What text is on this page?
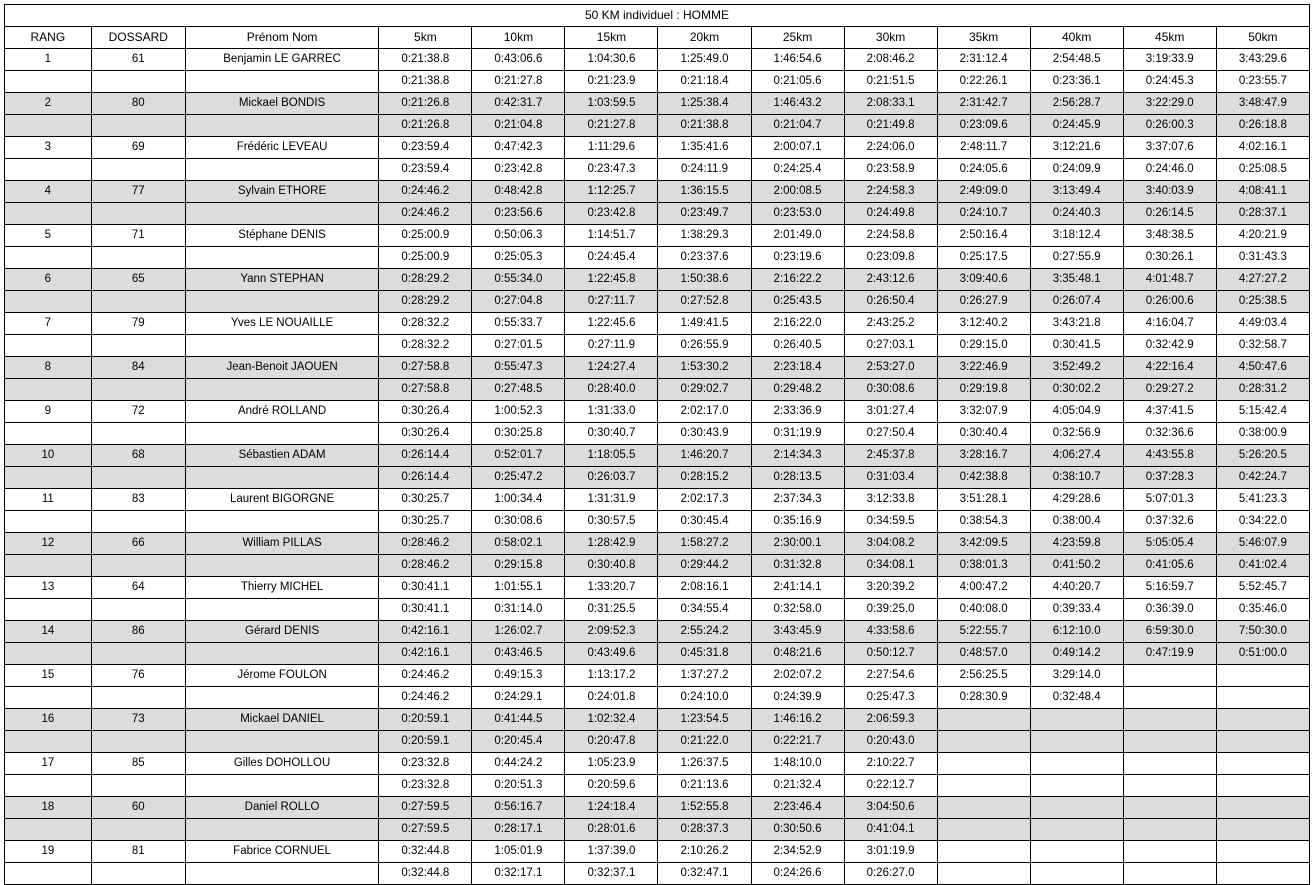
50 KM individuel : HOMME												
RANG	DOSSARD	Prénom Nom	5km	10km	15km	20km	25km	30km	35km	40km	45km	50km
1	61	Benjamin LE GARREC	0:21:38.8	0:43:06.6	1:04:30.6	1:25:49.0	1:46:54.6	2:08:46.2	2:31:12.4	2:54:48.5	3:19:33.9	3:43:29.6
			0:21:38.8	0:21:27.8	0:21:23.9	0:21:18.4	0:21:05.6	0:21:51.5	0:22:26.1	0:23:36.1	0:24:45.3	0:23:55.7
2	80	Mickael BONDIS	0:21:26.8	0:42:31.7	1:03:59.5	1:25:38.4	1:46:43.2	2:08:33.1	2:31:42.7	2:56:28.7	3:22:29.0	3:48:47.9
			0:21:26.8	0:21:04.8	0:21:27.8	0:21:38.8	0:21:04.7	0:21:49.8	0:23:09.6	0:24:45.9	0:26:00.3	0:26:18.8
3	69	Frédéric LEVEAU	0:23:59.4	0:47:42.3	1:11:29.6	1:35:41.6	2:00:07.1	2:24:06.0	2:48:11.7	3:12:21.6	3:37:07.6	4:02:16.1
			0:23:59.4	0:23:42.8	0:23:47.3	0:24:11.9	0:24:25.4	0:23:58.9	0:24:05.6	0:24:09.9	0:24:46.0	0:25:08.5
4	77	Sylvain ETHORE	0:24:46.2	0:48:42.8	1:12:25.7	1:36:15.5	2:00:08.5	2:24:58.3	2:49:09.0	3:13:49.4	3:40:03.9	4:08:41.1
			0:24:46.2	0:23:56.6	0:23:42.8	0:23:49.7	0:23:53.0	0:24:49.8	0:24:10.7	0:24:40.3	0:26:14.5	0:28:37.1
5	71	Stéphane DENIS	0:25:00.9	0:50:06.3	1:14:51.7	1:38:29.3	2:01:49.0	2:24:58.8	2:50:16.4	3:18:12.4	3:48:38.5	4:20:21.9
			0:25:00.9	0:25:05.3	0:24:45.4	0:23:37.6	0:23:19.6	0:23:09.8	0:25:17.5	0:27:55.9	0:30:26.1	0:31:43.3
6	65	Yann STEPHAN	0:28:29.2	0:55:34.0	1:22:45.8	1:50:38.6	2:16:22.2	2:43:12.6	3:09:40.6	3:35:48.1	4:01:48.7	4:27:27.2
			0:28:29.2	0:27:04.8	0:27:11.7	0:27:52.8	0:25:43.5	0:26:50.4	0:26:27.9	0:26:07.4	0:26:00.6	0:25:38.5
7	79	Yves LE NOUAILLE	0:28:32.2	0:55:33.7	1:22:45.6	1:49:41.5	2:16:22.0	2:43:25.2	3:12:40.2	3:43:21.8	4:16:04.7	4:49:03.4
			0:28:32.2	0:27:01.5	0:27:11.9	0:26:55.9	0:26:40.5	0:27:03.1	0:29:15.0	0:30:41.5	0:32:42.9	0:32:58.7
8	84	Jean-Benoit JAOUEN	0:27:58.8	0:55:47.3	1:24:27.4	1:53:30.2	2:23:18.4	2:53:27.0	3:22:46.9	3:52:49.2	4:22:16.4	4:50:47.6
			0:27:58.8	0:27:48.5	0:28:40.0	0:29:02.7	0:29:48.2	0:30:08.6	0:29:19.8	0:30:02.2	0:29:27.2	0:28:31.2
9	72	André ROLLAND	0:30:26.4	1:00:52.3	1:31:33.0	2:02:17.0	2:33:36.9	3:01:27.4	3:32:07.9	4:05:04.9	4:37:41.5	5:15:42.4
			0:30:26.4	0:30:25.8	0:30:40.7	0:30:43.9	0:31:19.9	0:27:50.4	0:30:40.4	0:32:56.9	0:32:36.6	0:38:00.9
10	68	Sébastien ADAM	0:26:14.4	0:52:01.7	1:18:05.5	1:46:20.7	2:14:34.3	2:45:37.8	3:28:16.7	4:06:27.4	4:43:55.8	5:26:20.5
			0:26:14.4	0:25:47.2	0:26:03.7	0:28:15.2	0:28:13.5	0:31:03.4	0:42:38.8	0:38:10.7	0:37:28.3	0:42:24.7
11	83	Laurent BIGORGNE	0:30:25.7	1:00:34.4	1:31:31.9	2:02:17.3	2:37:34.3	3:12:33.8	3:51:28.1	4:29:28.6	5:07:01.3	5:41:23.3
			0:30:25.7	0:30:08.6	0:30:57.5	0:30:45.4	0:35:16.9	0:34:59.5	0:38:54.3	0:38:00.4	0:37:32.6	0:34:22.0
12	66	William PILLAS	0:28:46.2	0:58:02.1	1:28:42.9	1:58:27.2	2:30:00.1	3:04:08.2	3:42:09.5	4:23:59.8	5:05:05.4	5:46:07.9
			0:28:46.2	0:29:15.8	0:30:40.8	0:29:44.2	0:31:32.8	0:34:08.1	0:38:01.3	0:41:50.2	0:41:05.6	0:41:02.4
13	64	Thierry MICHEL	0:30:41.1	1:01:55.1	1:33:20.7	2:08:16.1	2:41:14.1	3:20:39.2	4:00:47.2	4:40:20.7	5:16:59.7	5:52:45.7
			0:30:41.1	0:31:14.0	0:31:25.5	0:34:55.4	0:32:58.0	0:39:25.0	0:40:08.0	0:39:33.4	0:36:39.0	0:35:46.0
14	86	Gérard DENIS	0:42:16.1	1:26:02.7	2:09:52.3	2:55:24.2	3:43:45.9	4:33:58.6	5:22:55.7	6:12:10.0	6:59:30.0	7:50:30.0
			0:42:16.1	0:43:46.5	0:43:49.6	0:45:31.8	0:48:21.6	0:50:12.7	0:48:57.0	0:49:14.2	0:47:19.9	0:51:00.0
15	76	Jérome FOULON	0:24:46.2	0:49:15.3	1:13:17.2	1:37:27.2	2:02:07.2	2:27:54.6	2:56:25.5	3:29:14.0		
			0:24:46.2	0:24:29.1	0:24:01.8	0:24:10.0	0:24:39.9	0:25:47.3	0:28:30.9	0:32:48.4		
16	73	Mickael DANIEL	0:20:59.1	0:41:44.5	1:02:32.4	1:23:54.5	1:46:16.2	2:06:59.3				
			0:20:59.1	0:20:45.4	0:20:47.8	0:21:22.0	0:22:21.7	0:20:43.0				
17	85	Gilles DOHOLLOU	0:23:32.8	0:44:24.2	1:05:23.9	1:26:37.5	1:48:10.0	2:10:22.7				
			0:23:32.8	0:20:51.3	0:20:59.6	0:21:13.6	0:21:32.4	0:22:12.7				
18	60	Daniel ROLLO	0:27:59.5	0:56:16.7	1:24:18.4	1:52:55.8	2:23:46.4	3:04:50.6				
			0:27:59.5	0:28:17.1	0:28:01.6	0:28:37.3	0:30:50.6	0:41:04.1				
19	81	Fabrice CORNUEL	0:32:44.8	1:05:01.9	1:37:39.0	2:10:26.2	2:34:52.9	3:01:19.9				
			0:32:44.8	0:32:17.1	0:32:37.1	0:32:47.1	0:24:26.6	0:26:27.0				
